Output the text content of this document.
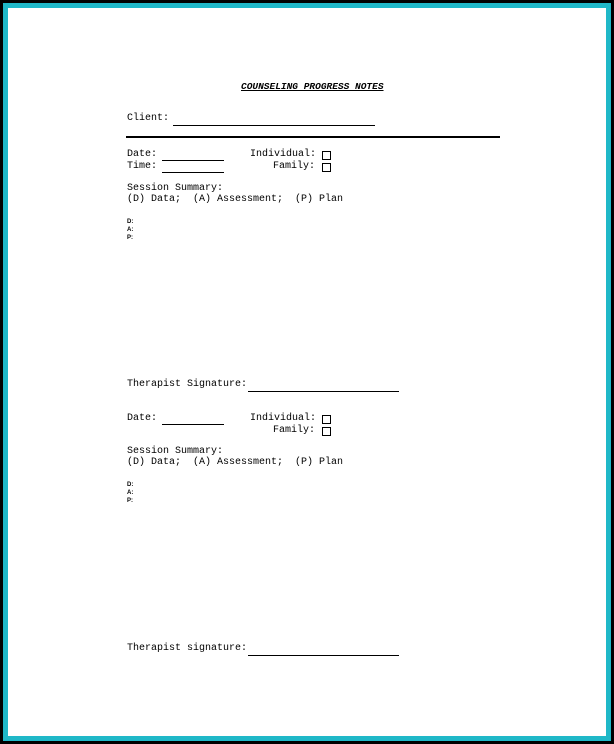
COUNSELING PROGRESS NOTES
Client:
Date:
Time:
Individual:
Family:
Session Summary:
(D) Data;  (A) Assessment;  (P) Plan
D:
A:
P:
Therapist Signature:
Date:	Individual:
Family:
Session Summary:
(D) Data;  (A) Assessment;  (P) Plan
D:
A:
P:
Therapist signature:
